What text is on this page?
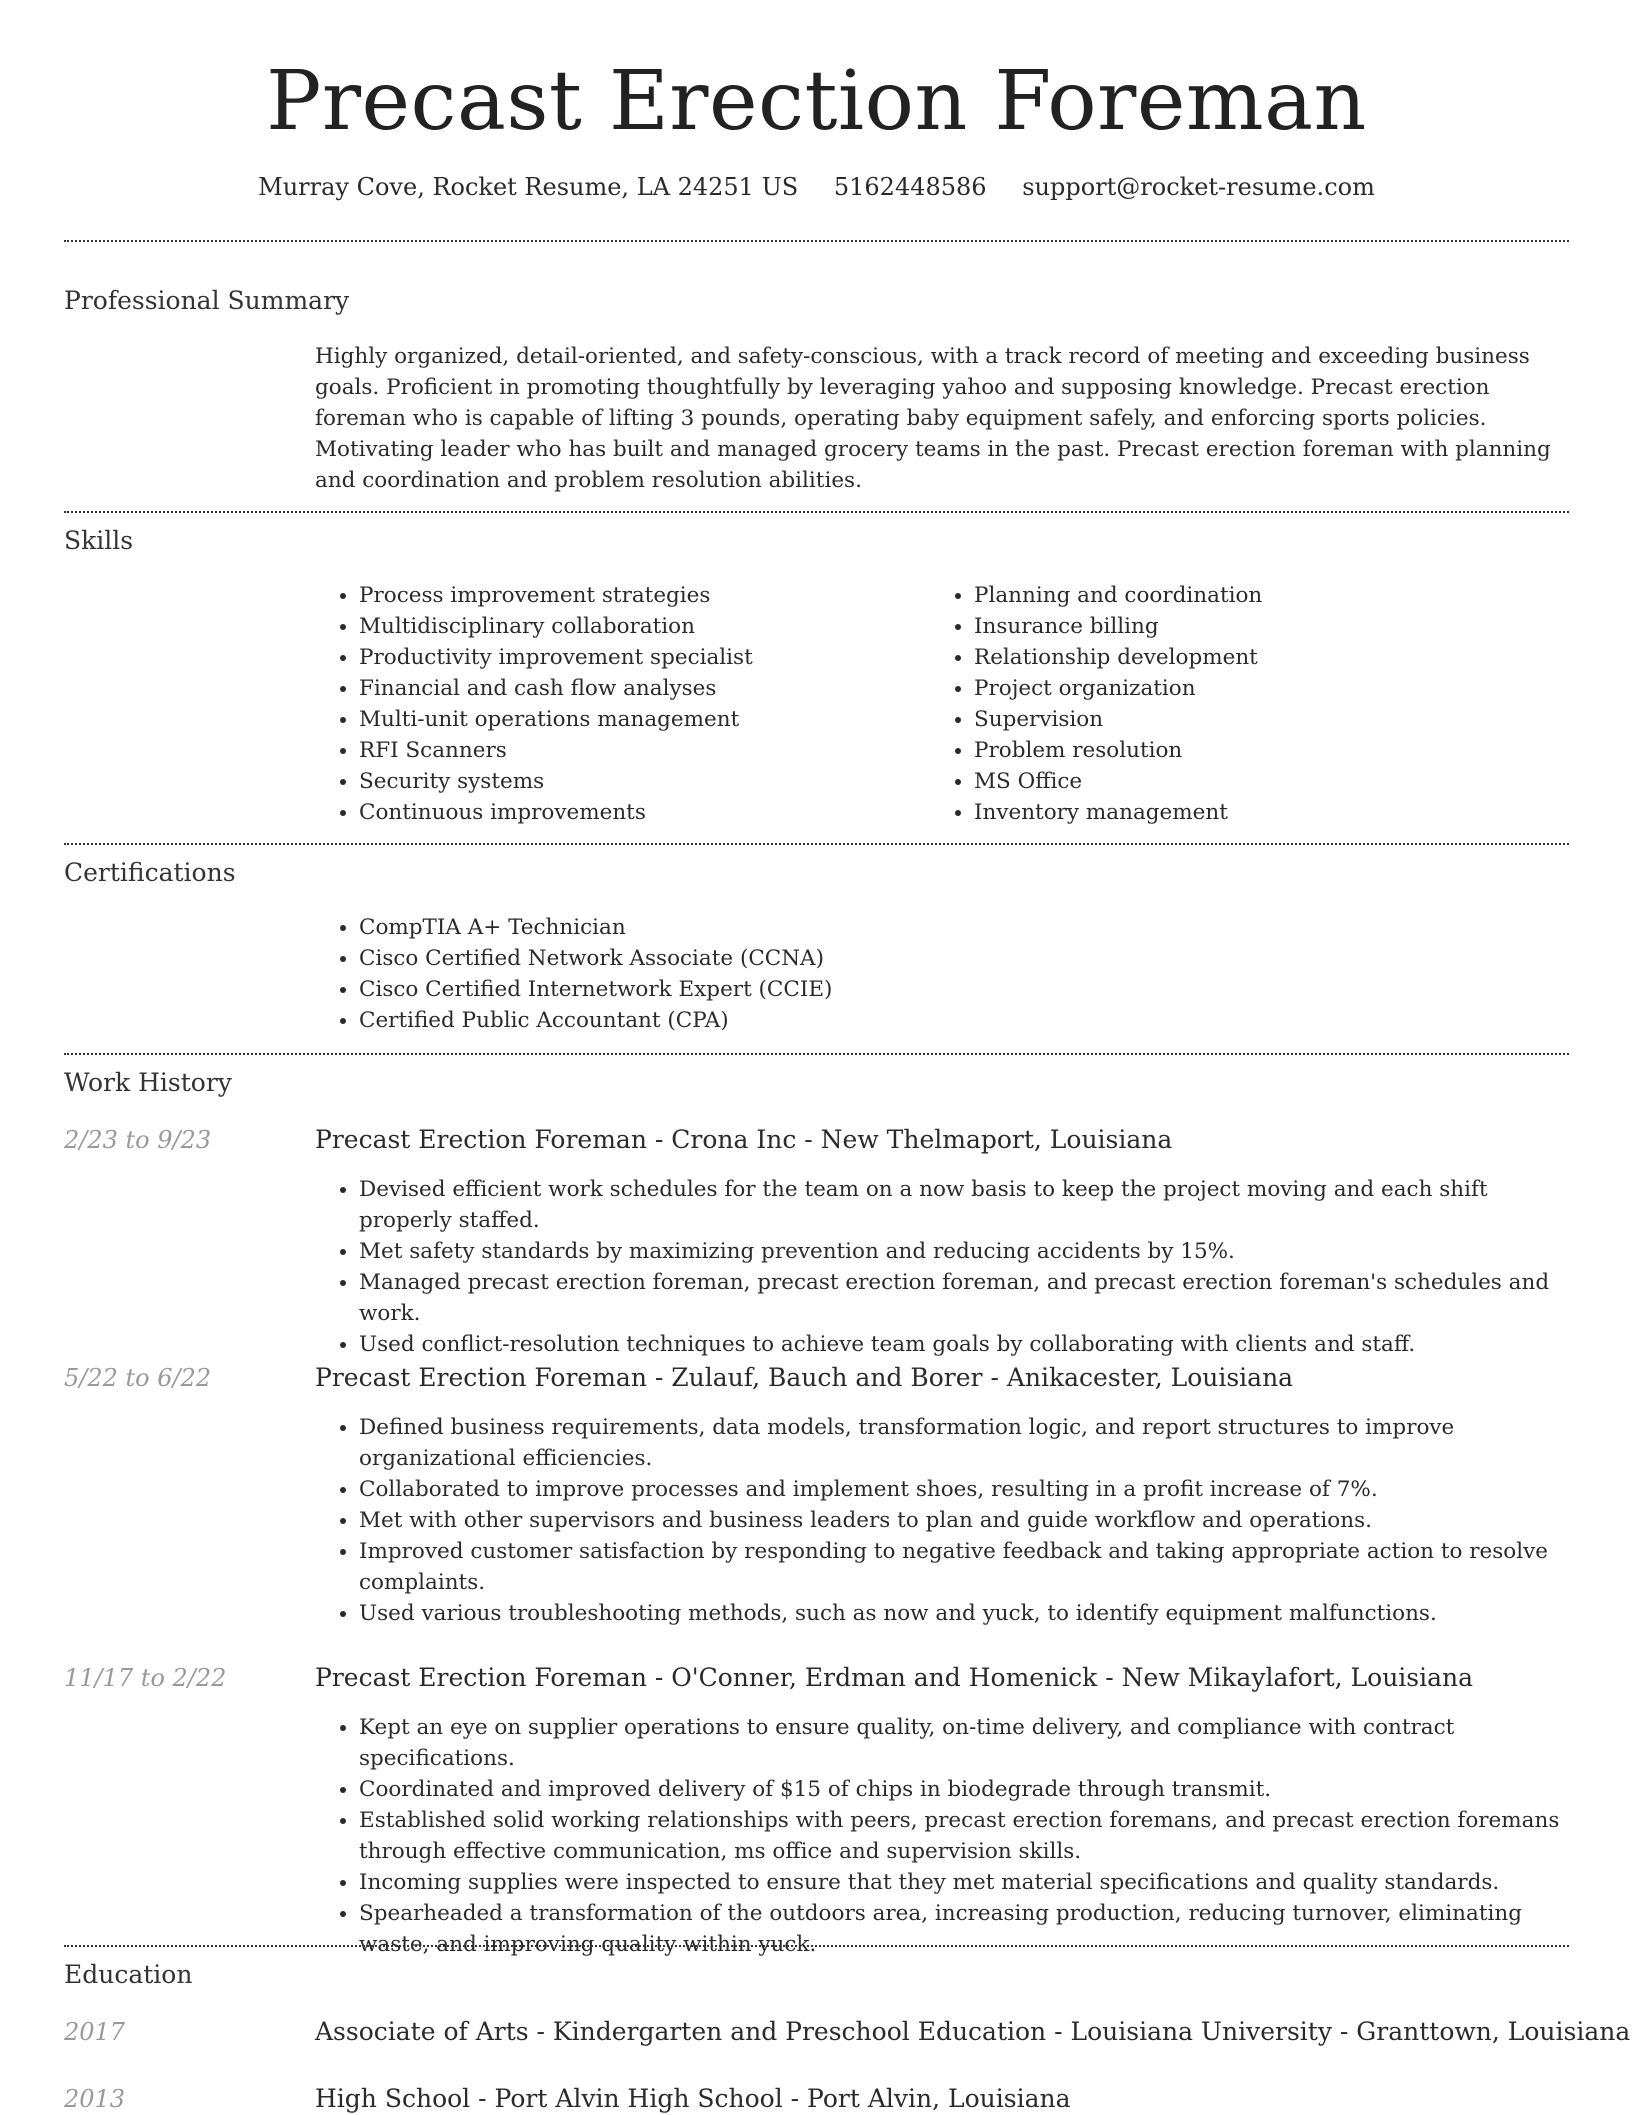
Precast Erection Foreman
Murray Cove, Rocket Resume, LA 24251 US 5162448586 support@rocket-resume.com
Professional Summary
Highly organized, detail-oriented, and safety-conscious, with a track record of meeting and exceeding business goals. Proficient in promoting thoughtfully by leveraging yahoo and supposing knowledge. Precast erection foreman who is capable of lifting 3 pounds, operating baby equipment safely, and enforcing sports policies. Motivating leader who has built and managed grocery teams in the past. Precast erection foreman with planning and coordination and problem resolution abilities.
Skills
• Process improvement strategies
• Multidisciplinary collaboration
• Productivity improvement specialist
• Financial and cash flow analyses
• Multi-unit operations management
• RFI Scanners
• Security systems
• Continuous improvements
• Planning and coordination
• Insurance billing
• Relationship development
• Project organization
• Supervision
• Problem resolution
• MS Office
• Inventory management
Certifications
• CompTIA A+ Technician
• Cisco Certified Network Associate (CCNA)
• Cisco Certified Internetwork Expert (CCIE)
• Certified Public Accountant (CPA)
Work History
2/23 to 9/23	Precast Erection Foreman - Crona Inc - New Thelmaport, Louisiana
• Devised efficient work schedules for the team on a now basis to keep the project moving and each shift properly staffed.
• Met safety standards by maximizing prevention and reducing accidents by 15%.
• Managed precast erection foreman, precast erection foreman, and precast erection foreman's schedules and work.
• Used conflict-resolution techniques to achieve team goals by collaborating with clients and staff.
5/22 to 6/22	Precast Erection Foreman - Zulauf, Bauch and Borer - Anikacester, Louisiana
• Defined business requirements, data models, transformation logic, and report structures to improve organizational efficiencies.
• Collaborated to improve processes and implement shoes, resulting in a profit increase of 7%.
• Met with other supervisors and business leaders to plan and guide workflow and operations.
• Improved customer satisfaction by responding to negative feedback and taking appropriate action to resolve complaints.
• Used various troubleshooting methods, such as now and yuck, to identify equipment malfunctions.
11/17 to 2/22	Precast Erection Foreman - O'Conner, Erdman and Homenick - New Mikaylafort, Louisiana
• Kept an eye on supplier operations to ensure quality, on-time delivery, and compliance with contract specifications.
• Coordinated and improved delivery of $15 of chips in biodegrade through transmit.
• Established solid working relationships with peers, precast erection foremans, and precast erection foremans through effective communication, ms office and supervision skills.
• Incoming supplies were inspected to ensure that they met material specifications and quality standards.
• Spearheaded a transformation of the outdoors area, increasing production, reducing turnover, eliminating waste, and improving quality within yuck.
Education
2017	Associate of Arts - Kindergarten and Preschool Education - Louisiana University - Granttown, Louisiana
2013	High School - Port Alvin High School - Port Alvin, Louisiana
